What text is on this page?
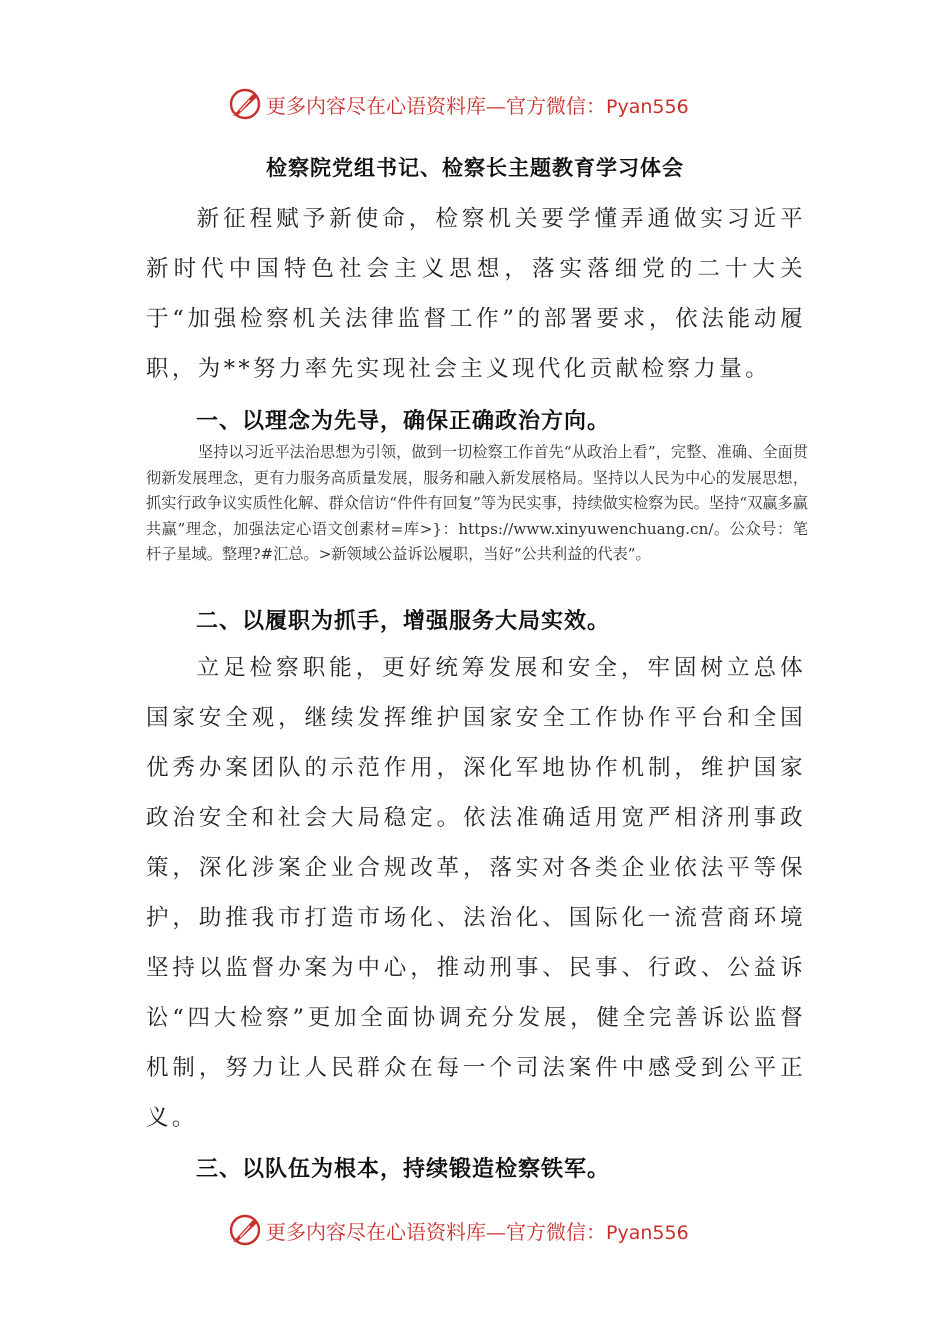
更多内容尽在心语资料库—官方微信：Pyan556
检察院党组书记、检察长主题教育学习体会

新征程赋予新使命，检察机关要学懂弄通做实习近平新时代中国特色社会主义思想，落实落细党的二十大关于“加强检察机关法律监督工作”的部署要求，依法能动履职，为**努力率先实现社会主义现代化贡献检察力量。

一、以理念为先导，确保正确政治方向。

坚持以习近平法治思想为引领，做到一切检察工作首先“从政治上看”，完整、准确、全面贯彻新发展理念，更有力服务高质量发展，服务和融入新发展格局。坚持以人民为中心的发展思想，抓实行政争议实质性化解、群众信访“件件有回复”等为民实事，持续做实检察为民。坚持“双赢多赢共赢”理念，加强法定心语文创素材=库>}：https://www.xinyuwenchuang.cn/。公众号：笔杆子星域。整理?#汇总。>新领域公益诉讼履职，当好“公共利益的代表”。

二、以履职为抓手，增强服务大局实效。

立足检察职能，更好统筹发展和安全，牢固树立总体国家安全观，继续发挥维护国家安全工作协作平台和全国优秀办案团队的示范作用，深化军地协作机制，维护国家政治安全和社会大局稳定。依法准确适用宽严相济刑事政策，深化涉案企业合规改革，落实对各类企业依法平等保护，助推我市打造市场化、法治化、国际化一流营商环境坚持以监督办案为中心，推动刑事、民事、行政、公益诉讼“四大检察”更加全面协调充分发展，健全完善诉讼监督机制，努力让人民群众在每一个司法案件中感受到公平正义。

三、以队伍为根本，持续锻造检察铁军。
更多内容尽在心语资料库—官方微信：Pyan556
